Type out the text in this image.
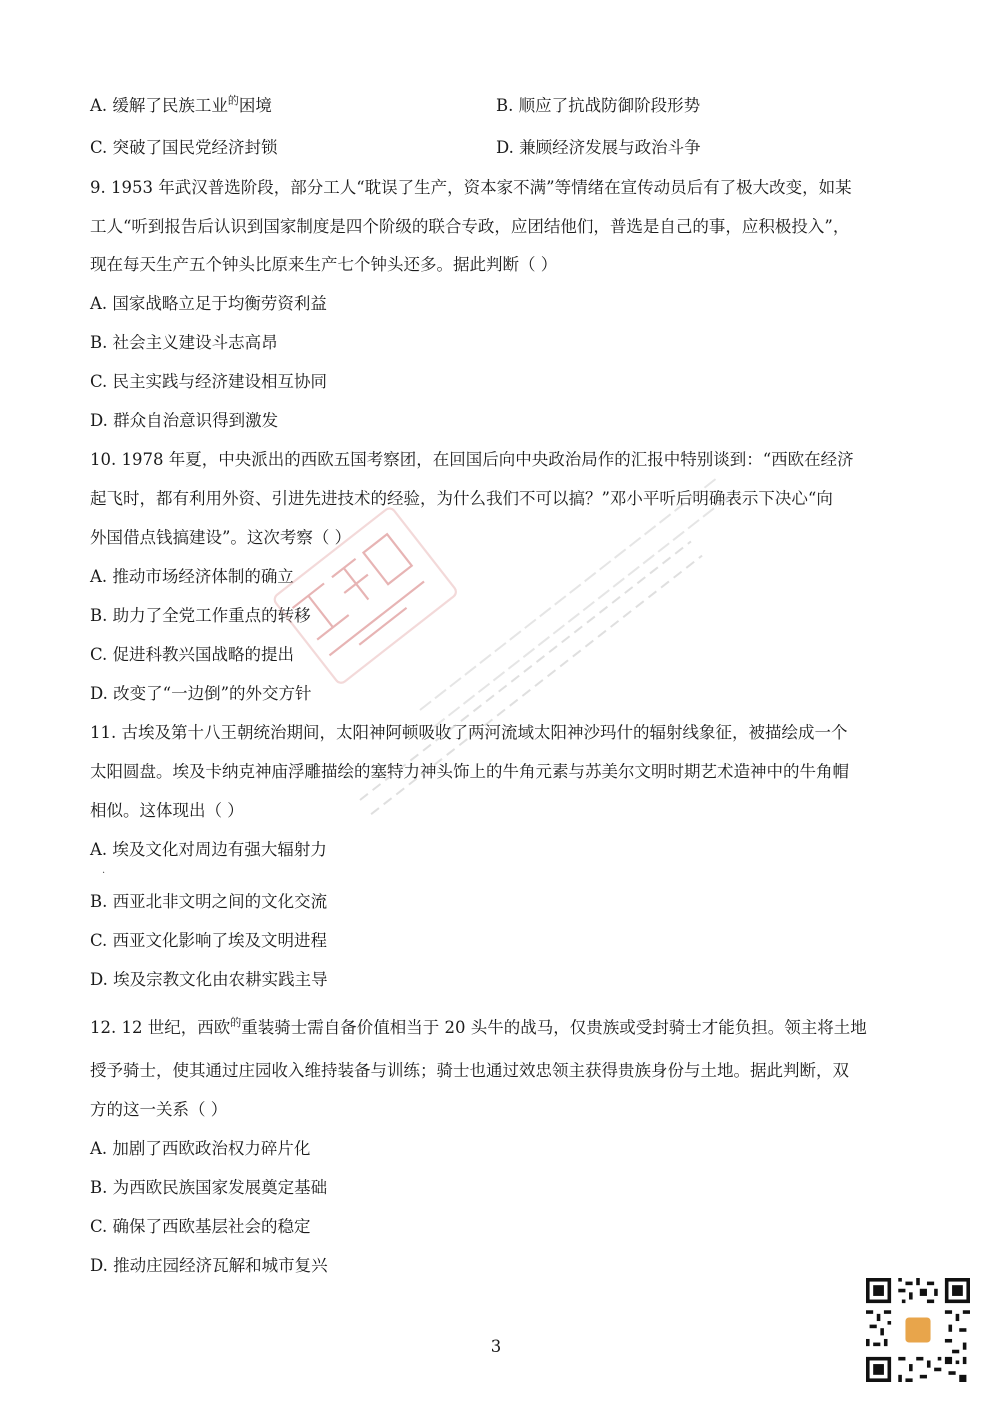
A. 缓解了民族工业$^的$困境	B. 顺应了抗战防御阶段形势
C. 突破了国民党经济封锁	D. 兼顾经济发展与政治斗争
9. 1953 年武汉普选阶段，部分工人“耽误了生产，资本家不满”等情绪在宣传动员后有了极大改变，如某
工人“听到报告后认识到国家制度是四个阶级的联合专政，应团结他们，普选是自己的事，应积极投入”，
现在每天生产五个钟头比原来生产七个钟头还多。据此判断（ ）
A. 国家战略立足于均衡劳资利益
B. 社会主义建设斗志高昂
C. 民主实践与经济建设相互协同
D. 群众自治意识得到激发
10. 1978 年夏，中央派出的西欧五国考察团，在回国后向中央政治局作的汇报中特别谈到：“西欧在经济
起飞时，都有利用外资、引进先进技术的经验，为什么我们不可以搞？”邓小平听后明确表示下决心“向
外国借点钱搞建设”。这次考察（ ）
A. 推动市场经济体制的确立
B. 助力了全党工作重点的转移
C. 促进科教兴国战略的提出
D. 改变了“一边倒”的外交方针
11. 古埃及第十八王朝统治期间，太阳神阿顿吸收了两河流域太阳神沙玛什的辐射线象征，被描绘成一个
太阳圆盘。埃及卡纳克神庙浮雕描绘的塞特力神头饰上的牛角元素与苏美尔文明时期艺术造神中的牛角帽
相似。这体现出（ ）
A. 埃及文化对周边有强大辐射力
·
B. 西亚北非文明之间的文化交流
C. 西亚文化影响了埃及文明进程
D. 埃及宗教文化由农耕实践主导
12. 12 世纪，西欧$^的$重装骑士需自备价值相当于 20 头牛的战马，仅贵族或受封骑士才能负担。领主将土地
授予骑士，使其通过庄园收入维持装备与训练；骑士也通过效忠领主获得贵族身份与土地。据此判断，双
方的这一关系（ ）
A. 加剧了西欧政治权力碎片化
B. 为西欧民族国家发展奠定基础
C. 确保了西欧基层社会的稳定
D. 推动庄园经济瓦解和城市复兴
3
